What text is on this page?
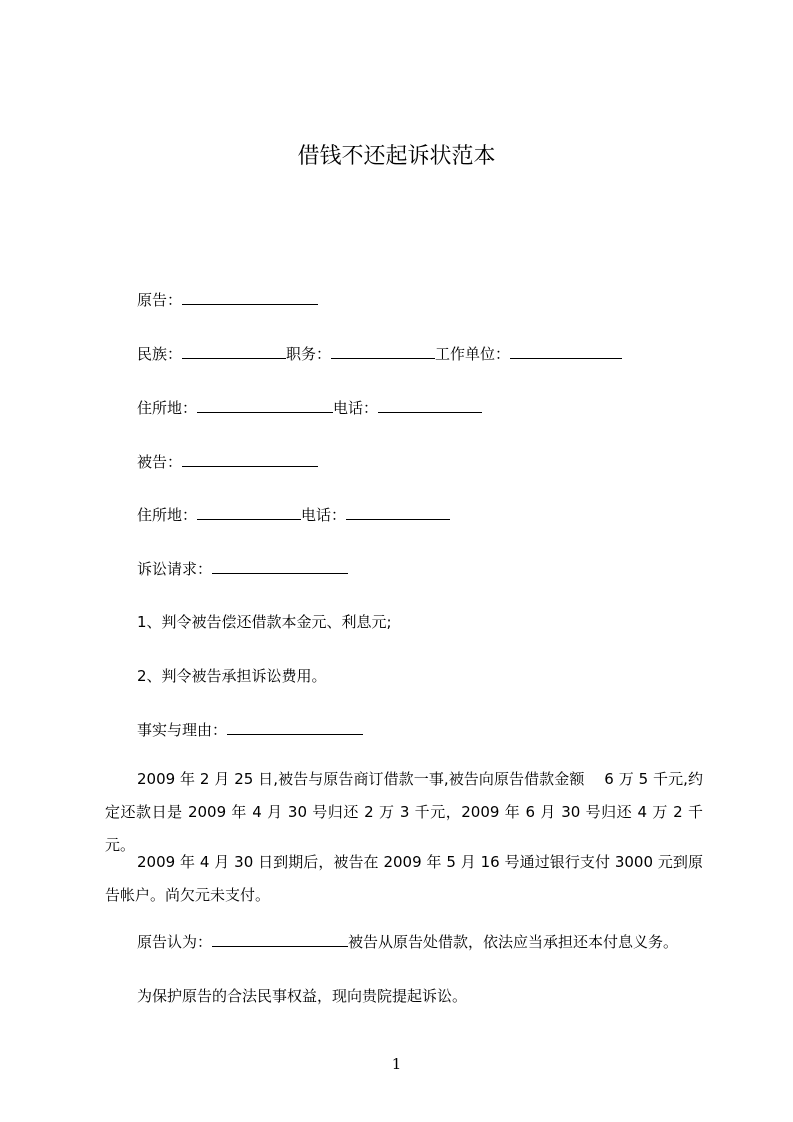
借钱不还起诉状范本
原告：
民族：	职务：	工作单位：
住所地：	电话：
被告：
住所地：	电话：
诉讼请求：
1、判令被告偿还借款本金元、利息元;
2、判令被告承担诉讼费用。
事实与理由：
2009 年 2 月 25 日,被告与原告商订借款一事,被告向原告借款金额　 6 万 5 千元,约定还款日是 2009 年 4 月 30 号归还 2 万 3 千元，2009 年 6 月 30 号归还 4 万 2 千元。
2009 年 4 月 30 日到期后，被告在 2009 年 5 月 16 号通过银行支付 3000 元到原告帐户。尚欠元未支付。
原告认为：	被告从原告处借款，依法应当承担还本付息义务。
为保护原告的合法民事权益，现向贵院提起诉讼。
1
